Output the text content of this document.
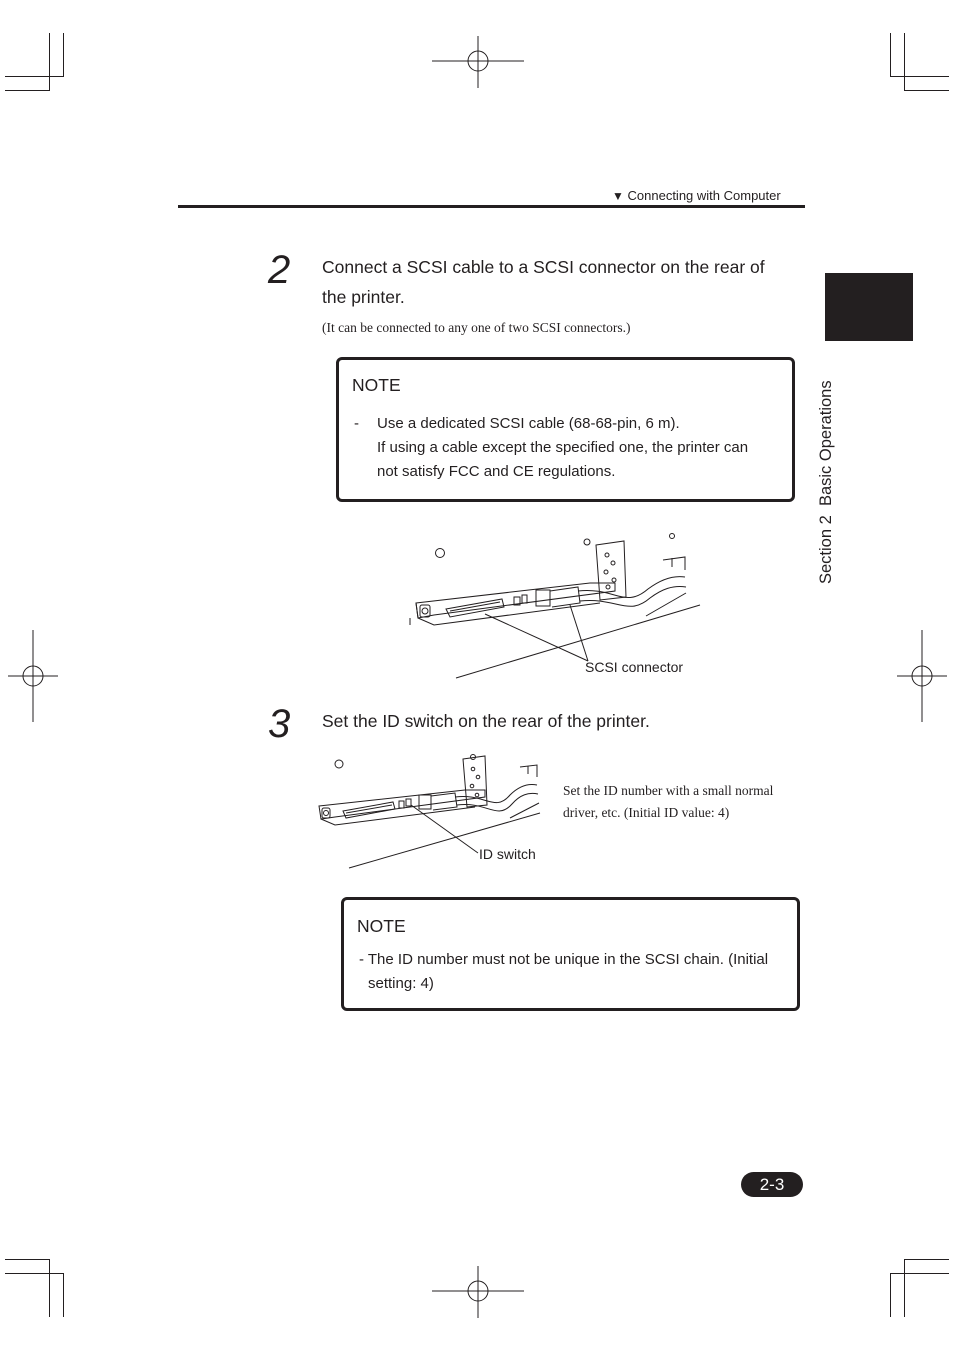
▼ Connecting with Computer
Section 2  Basic Operations
2 Connect a SCSI cable to a SCSI connector on the rear of
the printer.
(It can be connected to any one of two SCSI connectors.)
NOTE
- Use a dedicated SCSI cable (68-68-pin, 6 m).
If using a cable except the specified one, the printer can
not satisfy FCC and CE regulations.
SCSI connector
3 Set the ID switch on the rear of the printer.
ID switch
Set the ID number with a small normal
driver, etc. (Initial ID value: 4)
NOTE
- The ID number must not be unique in the SCSI chain. (Initial
setting: 4)
2-3
